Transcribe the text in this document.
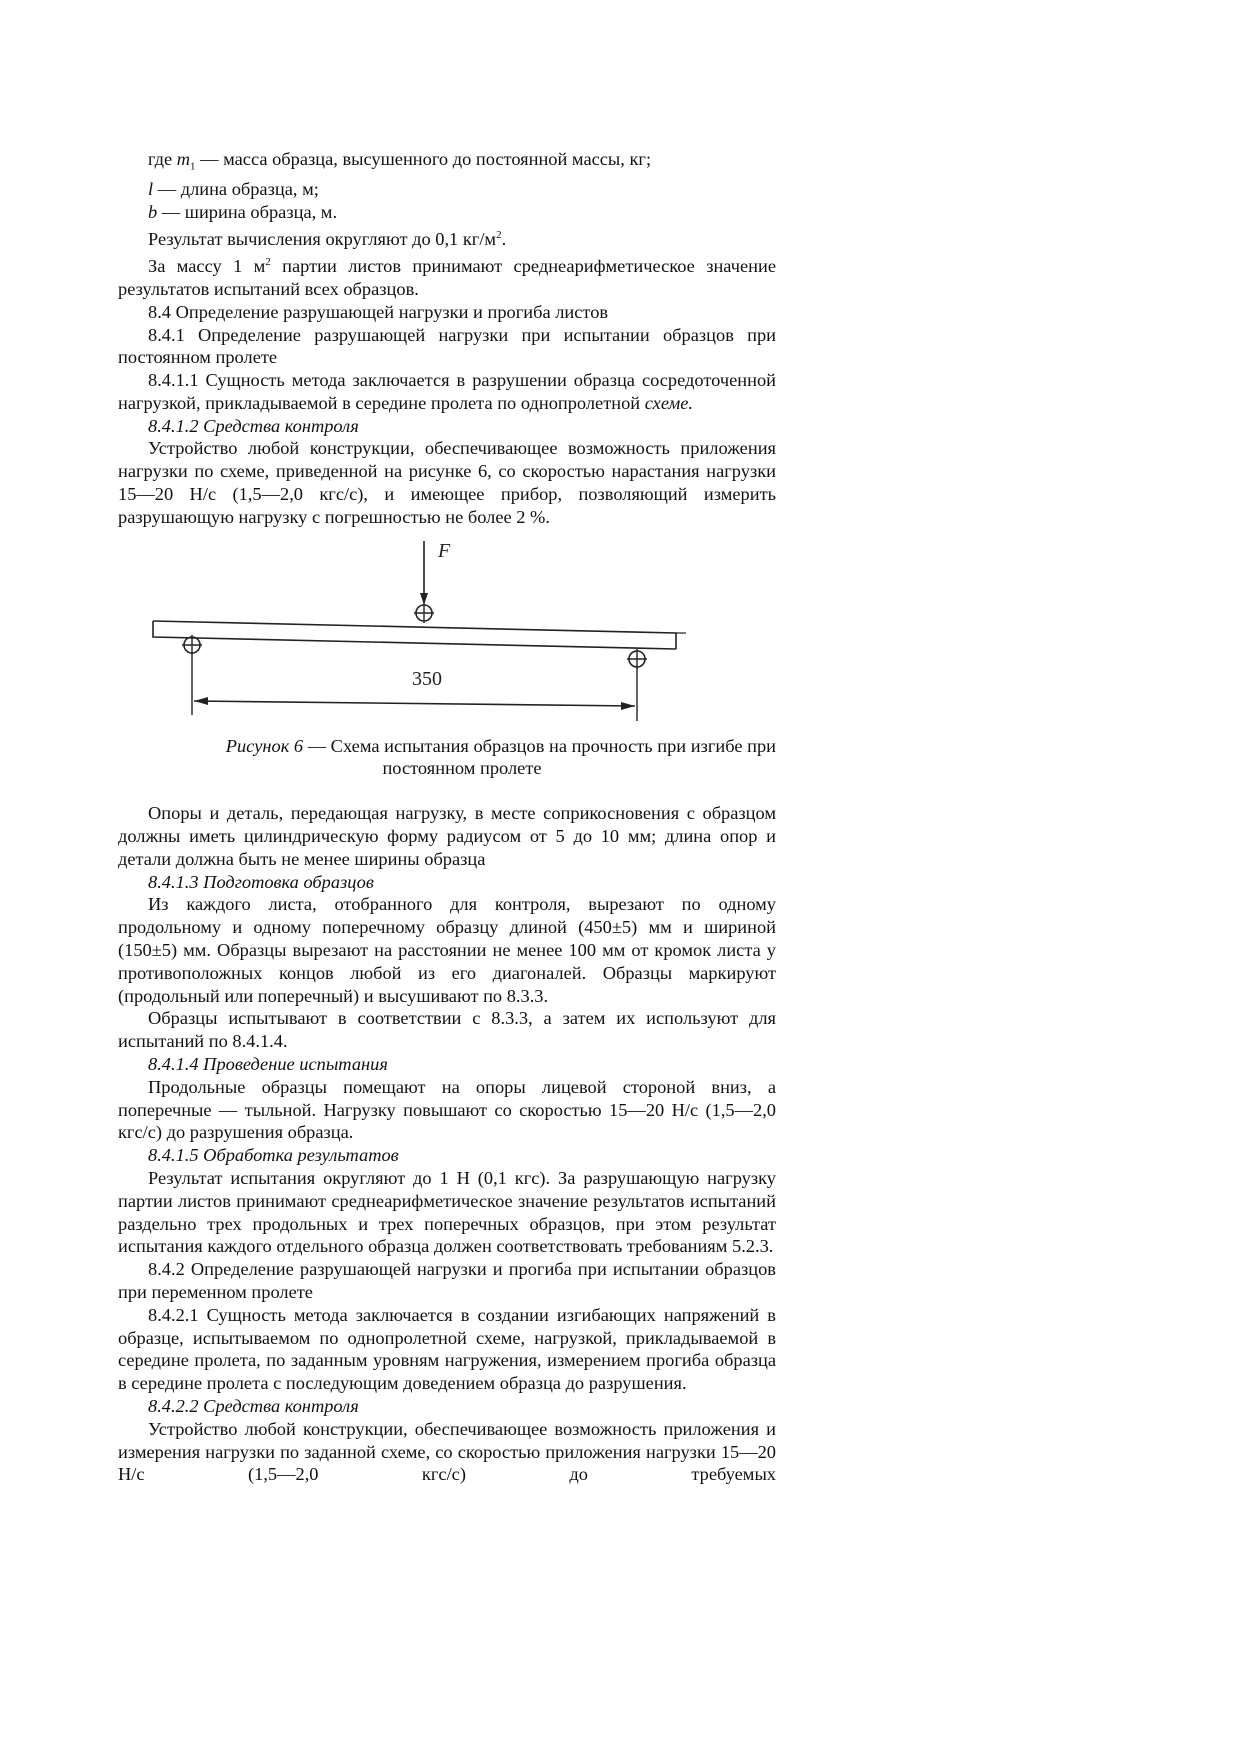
где $m_1$ — масса образца, высушенного до постоянной массы, кг;

l — длина образца, м;

b — ширина образца, м.

Результат вычисления округляют до 0,1 $кг/м^2$.

За массу 1 $м^2$ партии листов принимают среднеарифметическое значение результатов испытаний всех образцов.

8.4 Определение разрушающей нагрузки и прогиба листов

8.4.1 Определение разрушающей нагрузки при испытании образцов при постоянном пролете

8.4.1.1 Сущность метода заключается в разрушении образца сосредоточенной нагрузкой, прикладываемой в середине пролета по однопролетной схеме.

8.4.1.2 Средства контроля

Устройство любой конструкции, обеспечивающее возможность приложения нагрузки по схеме, приведенной на рисунке 6, со скоростью нарастания нагрузки 15—20 Н/с (1,5—2,0 кгс/с), и имеющее прибор, позволяющий измерить разрушающую нагрузку с погрешностью не более 2 %.

F
350

Рисунок 6 — Схема испытания образцов на прочность при изгибе при
постоянном пролете

Опоры и деталь, передающая нагрузку, в месте соприкосновения с образцом должны иметь цилиндрическую форму радиусом от 5 до 10 мм; длина опор и детали должна быть не менее ширины образца

8.4.1.3 Подготовка образцов

Из каждого листа, отобранного для контроля, вырезают по одному продольному и одному поперечному образцу длиной (450±5) мм и шириной (150±5) мм. Образцы вырезают на расстоянии не менее 100 мм от кромок листа у противоположных концов любой из его диагоналей. Образцы маркируют (продольный или поперечный) и высушивают по 8.3.3.

Образцы испытывают в соответствии с 8.3.3, а затем их используют для испытаний по 8.4.1.4.

8.4.1.4 Проведение испытания

Продольные образцы помещают на опоры лицевой стороной вниз, а поперечные — тыльной. Нагрузку повышают со скоростью 15—20 Н/с (1,5—2,0 кгс/с) до разрушения образца.

8.4.1.5 Обработка результатов

Результат испытания округляют до 1 Н (0,1 кгс). За разрушающую нагрузку партии листов принимают среднеарифметическое значение результатов испытаний раздельно трех продольных и трех поперечных образцов, при этом результат испытания каждого отдельного образца должен соответствовать требованиям 5.2.3.

8.4.2 Определение разрушающей нагрузки и прогиба при испытании образцов при переменном пролете

8.4.2.1 Сущность метода заключается в создании изгибающих напряжений в образце, испытываемом по однопролетной схеме, нагрузкой, прикладываемой в середине пролета, по заданным уровням нагружения, измерением прогиба образца в середине пролета с последующим доведением образца до разрушения.

8.4.2.2 Средства контроля

Устройство любой конструкции, обеспечивающее возможность приложения и измерения нагрузки по заданной схеме, со скоростью приложения нагрузки 15—20 Н/с (1,5—2,0 кгс/с) до требуемых
